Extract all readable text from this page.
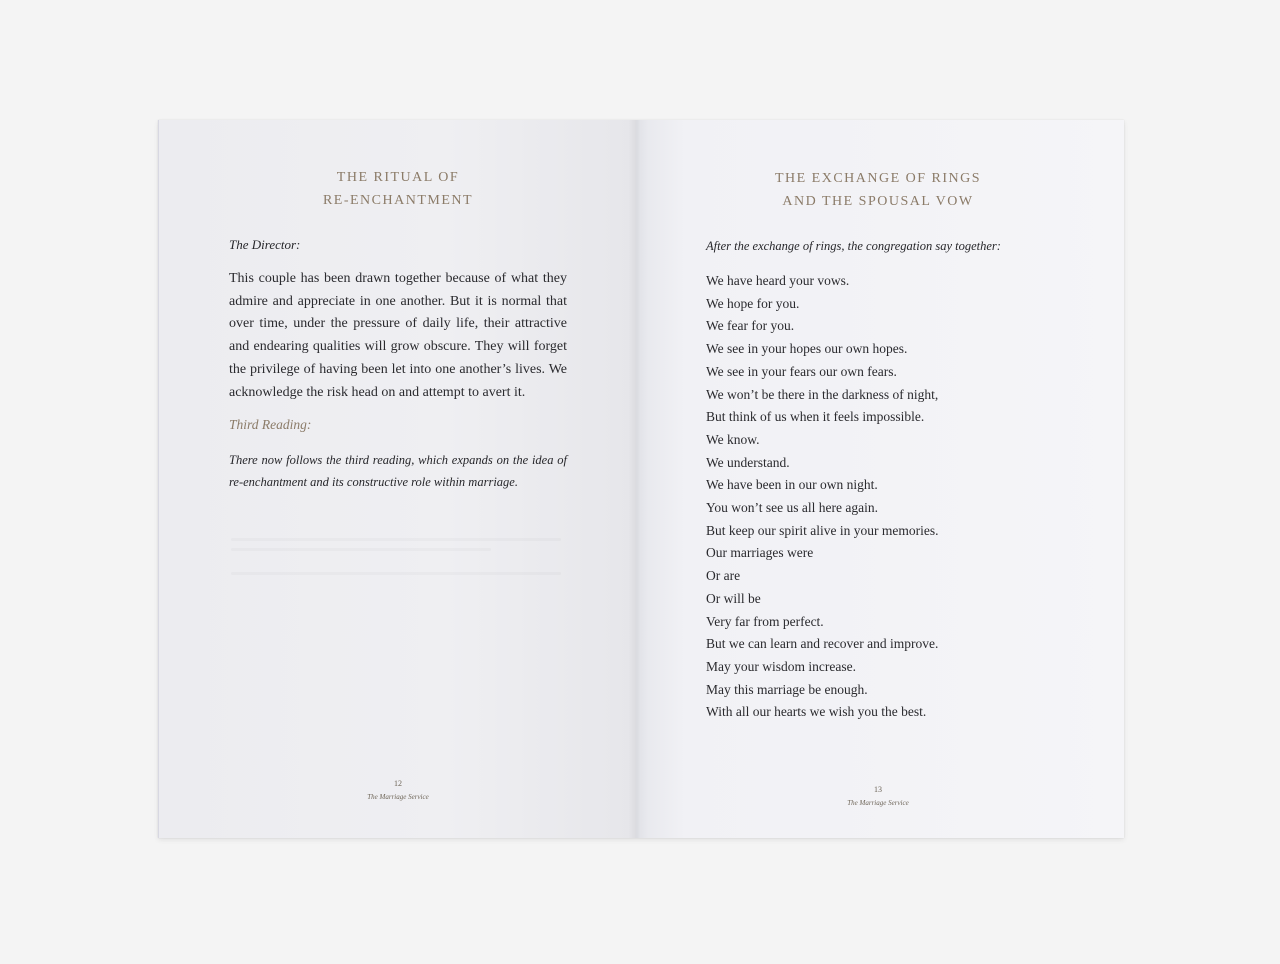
THE RITUAL OF
RE-ENCHANTMENT
The Director:
This couple has been drawn together because of what they admire and appreciate in one another. But it is normal that over time, under the pressure of daily life, their attractive and endearing qualities will grow obscure. They will forget the privilege of having been let into one another’s lives. We acknowledge the risk head on and attempt to avert it.
Third Reading:
There now follows the third reading, which expands on the idea of re-enchantment and its constructive role within marriage.
12
The Marriage Service
THE EXCHANGE OF RINGS
AND THE SPOUSAL VOW
After the exchange of rings, the congregation say together:
We have heard your vows.
We hope for you.
We fear for you.
We see in your hopes our own hopes.
We see in your fears our own fears.
We won’t be there in the darkness of night,
But think of us when it feels impossible.
We know.
We understand.
We have been in our own night.
You won’t see us all here again.
But keep our spirit alive in your memories.
Our marriages were
Or are
Or will be
Very far from perfect.
But we can learn and recover and improve.
May your wisdom increase.
May this marriage be enough.
With all our hearts we wish you the best.
13
The Marriage Service
